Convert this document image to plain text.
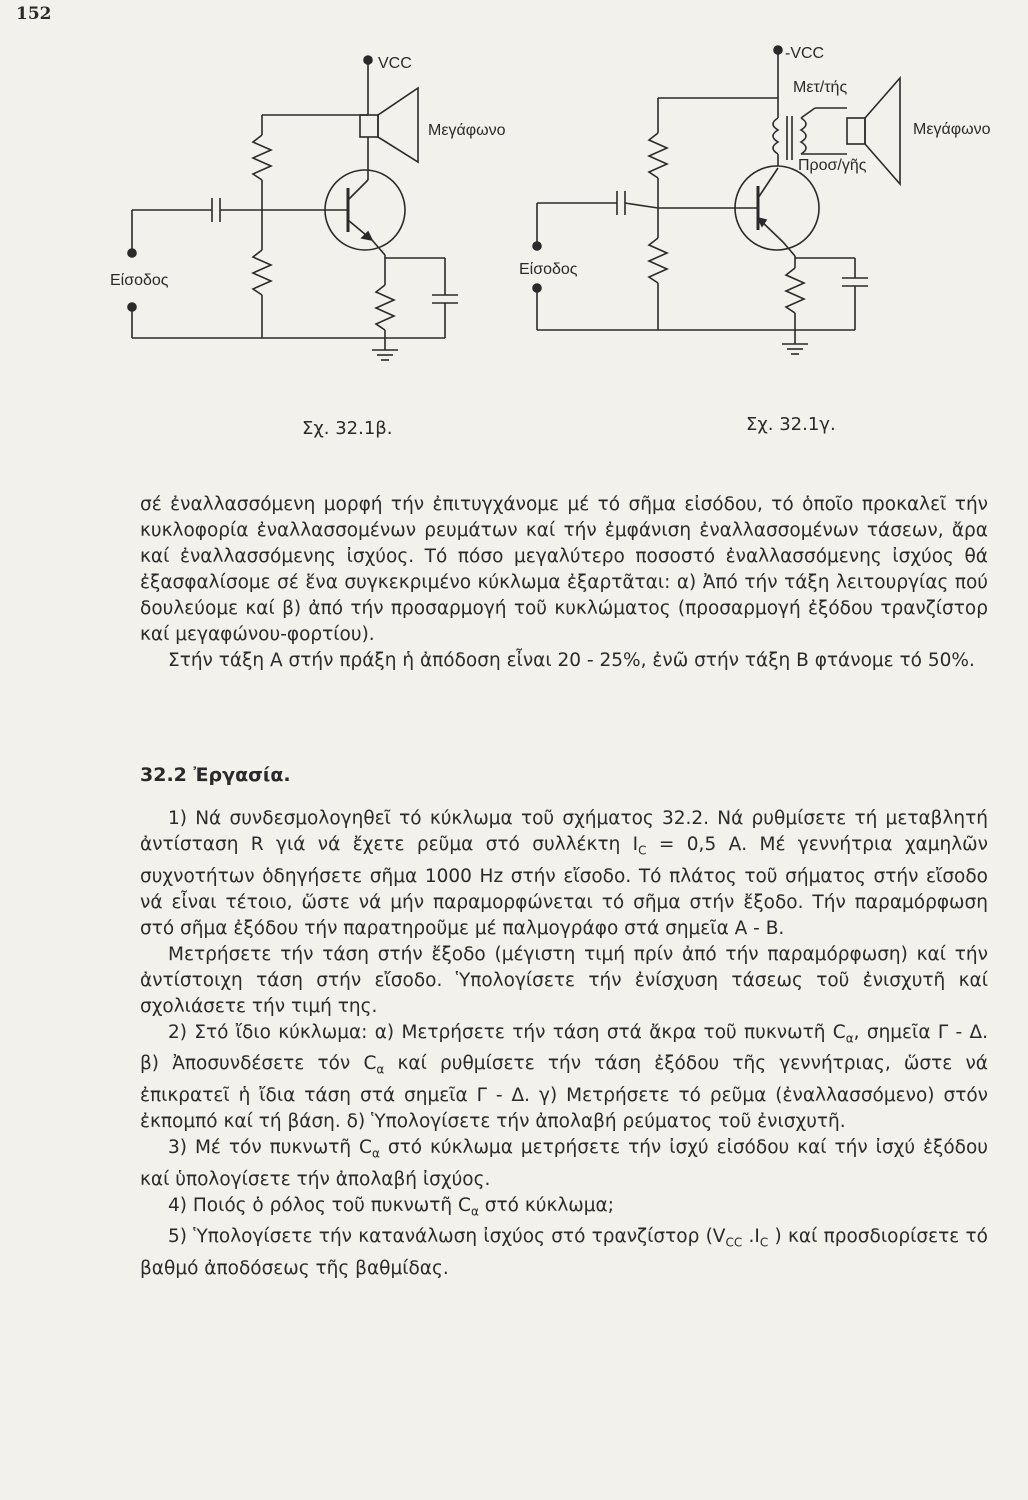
152
VCC
Μεγάφωνο
Είσοδος
Σχ. 32.1β.
-VCC
Μετ/τής
Προσ/γῆς
Μεγάφωνο
Είσοδος
Σχ. 32.1γ.

σέ ἐναλλασσόμενη μορφή τήν ἐπιτυγχάνομε μέ τό σῆμα εἰσόδου, τό ὁποῖο προκαλεῖ τήν κυκλοφορία ἐναλλασσομένων ρευμάτων καί τήν ἐμφάνιση ἐναλλασσομένων τάσεων, ἄρα καί ἐναλλασσόμενης ἰσχύος. Τό πόσο μεγαλύτερο ποσοστό ἐναλλασσόμενης ἰσχύος θά ἐξασφαλίσομε σέ ἕνα συγκεκριμένο κύκλωμα ἐξαρτᾶται: α) Ἀπό τήν τάξη λειτουργίας πού δουλεύομε καί β) ἀπό τήν προσαρμογή τοῦ κυκλώματος (προσαρμογή ἐξόδου τρανζίστορ καί μεγαφώνου-φορτίου).

Στήν τάξη Α στήν πράξη ἡ ἀπόδοση εἶναι 20 - 25%, ἐνῶ στήν τάξη Β φτάνομε τό 50%.

32.2 Ἐργασία.

1) Νά συνδεσμολογηθεῖ τό κύκλωμα τοῦ σχήματος 32.2. Νά ρυθμίσετε τή μεταβλητή ἀντίσταση R γιά νά ἔχετε ρεῦμα στό συλλέκτη $I_C = 0,5$ Α. Μέ γεννήτρια χαμηλῶν συχνοτήτων ὁδηγήσετε σῆμα 1000 Hz στήν εἴσοδο. Τό πλάτος τοῦ σήματος στήν εἴσοδο νά εἶναι τέτοιο, ὥστε νά μήν παραμορφώνεται τό σῆμα στήν ἔξοδο. Τήν παραμόρφωση στό σῆμα ἐξόδου τήν παρατηροῦμε μέ παλμογράφο στά σημεῖα Α - Β.

Μετρήσετε τήν τάση στήν ἔξοδο (μέγιστη τιμή πρίν ἀπό τήν παραμόρφωση) καί τήν ἀντίστοιχη τάση στήν εἴσοδο. Ὑπολογίσετε τήν ἐνίσχυση τάσεως τοῦ ἐνισχυτῆ καί σχολιάσετε τήν τιμή της.

2) Στό ἴδιο κύκλωμα: α) Μετρήσετε τήν τάση στά ἄκρα τοῦ πυκνωτῆ $C_\alpha$, σημεῖα Γ - Δ. β) Ἀποσυνδέσετε τόν $C_\alpha$ καί ρυθμίσετε τήν τάση ἐξόδου τῆς γεννήτριας, ὥστε νά ἐπικρατεῖ ἡ ἴδια τάση στά σημεῖα Γ - Δ. γ) Μετρήσετε τό ρεῦμα (ἐναλλασσόμενο) στόν ἐκπομπό καί τή βάση. δ) Ὑπολογίσετε τήν ἀπολαβή ρεύματος τοῦ ἐνισχυτῆ.

3) Μέ τόν πυκνωτῆ $C_\alpha$ στό κύκλωμα μετρήσετε τήν ἰσχύ εἰσόδου καί τήν ἰσχύ ἐξόδου καί ὑπολογίσετε τήν ἀπολαβή ἰσχύος.

4) Ποιός ὁ ρόλος τοῦ πυκνωτῆ $C_\alpha$ στό κύκλωμα;

5) Ὑπολογίσετε τήν κατανάλωση ἰσχύος στό τρανζίστορ ($V_{CC}$ $.I_C$ ) καί προσδιορίσετε τό βαθμό ἀποδόσεως τῆς βαθμίδας.
